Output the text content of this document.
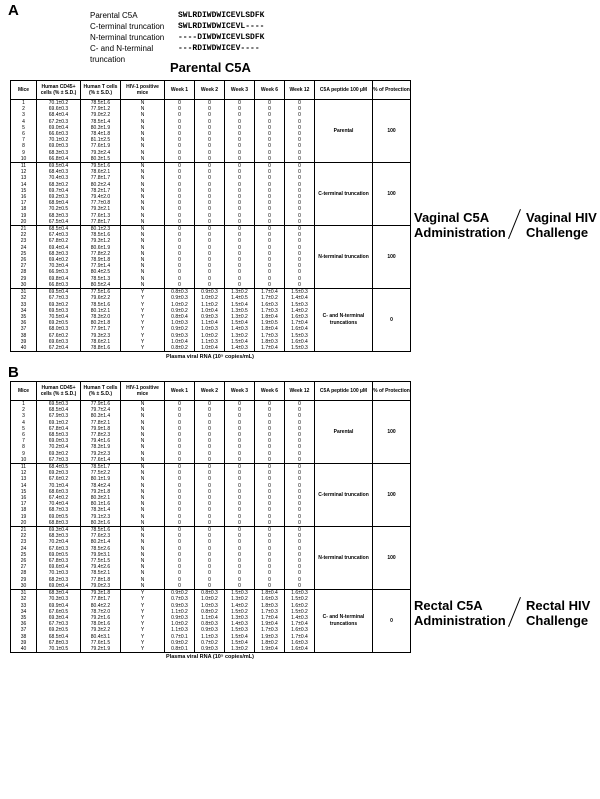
A	Parental C5A	SWLRDIWDWICEVLSDFK
C-terminal truncation	SWLRDIWDWICEVL----
N-terminal truncation	----DIWDWICEVLSDFK
C- and N-terminal truncation
---RDIWDWICEV----
Parental C5A
Mice	Human CD45+ cells (% ± S.D.)	Human T cells (% ± S.D.)	HIV-1 positive mice	Week 1	Week 2	Week 3	Week 6	Week 12	C5A peptide 100 µM	% of Protection
1	70.1±0.2	78.5±1.6	N	0	0	0	0	0	Parental	100
2	69.6±0.3	77.9±1.2	N	0	0	0	0	0		
3	68.4±0.4	79.0±2.2	N	0	0	0	0	0		
4	67.2±0.3	78.5±1.4	N	0	0	0	0	0		
5	69.0±0.4	80.3±1.9	N	0	0	0	0	0		
6	66.6±0.3	78.4±1.8	N	0	0	0	0	0		
7	70.1±0.2	81.1±2.5	N	0	0	0	0	0		
8	69.0±0.3	77.6±1.9	N	0	0	0	0	0		
9	68.3±0.3	79.3±2.4	N	0	0	0	0	0		
10	66.8±0.4	80.3±1.5	N	0	0	0	0	0		
11	69.5±0.4	79.5±1.6	N	0	0	0	0	0	C-terminal truncation	100
12	68.4±0.3	78.6±2.1	N	0	0	0	0	0		
13	70.4±0.3	77.8±1.7	N	0	0	0	0	0		
14	68.3±0.2	80.2±2.4	N	0	0	0	0	0		
15	69.7±0.4	78.2±1.7	N	0	0	0	0	0		
16	69.2±0.3	79.4±2.0	N	0	0	0	0	0		
17	68.9±0.4	77.7±0.8	N	0	0	0	0	0		
18	70.2±0.5	79.3±2.1	N	0	0	0	0	0		
19	68.3±0.3	77.6±1.3	N	0	0	0	0	0		
20	67.5±0.4	77.8±1.7	N	0	0	0	0	0		
21	68.5±0.4	80.1±2.3	N	0	0	0	0	0	N-terminal truncation	100
22	67.4±0.3	78.5±1.6	N	0	0	0	0	0		
23	67.8±0.2	79.3±1.2	N	0	0	0	0	0		
24	69.4±0.4	80.6±1.9	N	0	0	0	0	0		
25	68.3±0.3	77.8±2.2	N	0	0	0	0	0		
26	69.4±0.2	78.9±1.8	N	0	0	0	0	0		
27	70.3±0.4	77.9±1.4	N	0	0	0	0	0		
28	66.9±0.3	80.4±2.5	N	0	0	0	0	0		
29	69.8±0.4	78.5±1.3	N	0	0	0	0	0		
30	66.8±0.3	80.5±2.4	N	0	0	0	0	0		
31	69.5±0.4	77.5±1.6	Y	0.8±0.3	0.9±0.3	1.3±0.2	1.7±0.4	1.5±0.3	C- and N-terminal truncations	0
32	67.7±0.3	79.6±2.2	Y	0.9±0.3	1.0±0.2	1.4±0.5	1.7±0.2	1.4±0.4		
33	69.3±0.2	78.5±1.6	Y	1.0±0.2	1.1±0.2	1.5±0.4	1.6±0.3	1.5±0.3		
34	69.5±0.3	80.1±2.1	Y	0.9±0.2	1.0±0.4	1.3±0.5	1.7±0.3	1.4±0.2		
35	70.5±0.4	78.3±2.0	Y	0.8±0.4	0.9±0.3	1.3±0.2	1.8±0.4	1.6±0.3		
36	69.2±0.5	80.2±1.8	Y	1.0±0.3	1.1±0.4	1.5±0.4	1.9±0.5	1.7±0.4		
37	68.0±0.3	77.9±1.7	Y	0.9±0.2	1.0±0.3	1.4±0.3	1.8±0.4	1.6±0.4		
38	67.6±0.2	79.3±2.3	Y	0.9±0.3	1.0±0.2	1.3±0.2	1.7±0.3	1.5±0.3		
39	69.6±0.3	78.6±2.1	Y	1.0±0.4	1.1±0.3	1.5±0.4	1.8±0.3	1.6±0.4		
40	67.2±0.4	78.8±1.6	Y	0.8±0.2	1.0±0.4	1.4±0.3	1.7±0.4	1.5±0.3		
Plasma viral RNA (10⁵ copies/mL)
Vaginal C5A Administration
Vaginal HIV Challenge
B
Mice	Human CD45+ cells (% ± S.D.)	Human T cells (% ± S.D.)	HIV-1 positive mice	Week 1	Week 2	Week 3	Week 6	Week 12	C5A peptide 100 µM	% of Protection
1	69.5±0.3	77.9±1.6	N	0	0	0	0	0	Parental	100
2	68.5±0.4	79.7±2.4	N	0	0	0	0	0		
3	67.9±0.3	80.3±1.4	N	0	0	0	0	0		
4	69.1±0.2	77.8±2.1	N	0	0	0	0	0		
5	67.8±0.4	79.9±1.8	N	0	0	0	0	0		
6	68.5±0.3	77.8±2.3	N	0	0	0	0	0		
7	69.0±0.3	79.4±1.6	N	0	0	0	0	0		
8	70.2±0.4	78.3±1.9	N	0	0	0	0	0		
9	69.3±0.2	79.2±2.3	N	0	0	0	0	0		
10	67.7±0.3	77.6±1.4	N	0	0	0	0	0		
11	68.4±0.5	78.5±1.7	N	0	0	0	0	0	C-terminal truncation	100
12	69.2±0.3	77.5±2.2	N	0	0	0	0	0		
13	67.6±0.2	80.1±1.9	N	0	0	0	0	0		
14	70.1±0.4	78.4±2.4	N	0	0	0	0	0		
15	68.6±0.3	79.2±1.8	N	0	0	0	0	0		
16	67.4±0.2	80.3±2.1	N	0	0	0	0	0		
17	70.4±0.4	80.1±1.6	N	0	0	0	0	0		
18	68.7±0.3	78.3±1.4	N	0	0	0	0	0		
19	69.0±0.5	79.1±2.3	N	0	0	0	0	0		
20	68.8±0.3	80.3±1.6	N	0	0	0	0	0		
21	69.3±0.4	78.5±1.6	N	0	0	0	0	0	N-terminal truncation	100
22	68.3±0.3	77.6±2.3	N	0	0	0	0	0		
23	70.2±0.4	80.2±1.4	N	0	0	0	0	0		
24	67.6±0.3	78.5±2.6	N	0	0	0	0	0		
25	69.0±0.5	79.9±3.1	N	0	0	0	0	0		
26	67.8±0.3	77.5±1.5	N	0	0	0	0	0		
27	69.6±0.4	79.4±2.6	N	0	0	0	0	0		
28	70.1±0.3	78.5±2.1	N	0	0	0	0	0		
29	68.2±0.3	77.8±1.8	N	0	0	0	0	0		
30	69.0±0.4	79.0±2.3	N	0	0	0	0	0		
31	68.3±0.4	79.3±1.8	Y	0.9±0.2	0.8±0.3	1.5±0.3	1.8±0.4	1.6±0.3	C- and N-terminal truncations	0
32	70.3±0.3	77.8±1.7	Y	0.7±0.3	1.0±0.2	1.3±0.2	1.6±0.3	1.5±0.2		
33	69.9±0.4	80.4±2.2	Y	0.9±0.3	1.0±0.3	1.4±0.2	1.8±0.3	1.6±0.2		
34	67.6±0.5	78.7±2.0	Y	1.1±0.2	0.8±0.2	1.5±0.2	1.7±0.3	1.5±0.2		
35	69.3±0.4	79.2±1.6	Y	0.9±0.3	1.1±0.4	1.3±0.3	1.7±0.4	1.4±0.3		
36	67.7±0.3	78.0±1.6	Y	1.0±0.2	0.8±0.3	1.4±0.3	1.9±0.4	1.7±0.4		
37	69.2±0.5	79.3±2.2	Y	1.1±0.3	0.9±0.3	1.5±0.3	1.7±0.3	1.6±0.3		
38	68.5±0.4	80.4±3.1	Y	0.7±0.1	1.1±0.3	1.5±0.4	1.9±0.3	1.7±0.4		
39	67.8±0.3	77.6±1.5	Y	0.9±0.2	0.7±0.2	1.5±0.4	1.8±0.2	1.6±0.3		
40	70.1±0.5	79.2±1.9	Y	0.8±0.1	0.9±0.3	1.3±0.2	1.9±0.4	1.6±0.4		
Plasma viral RNA (10⁵ copies/mL)
Rectal C5A Administration
Rectal HIV Challenge
